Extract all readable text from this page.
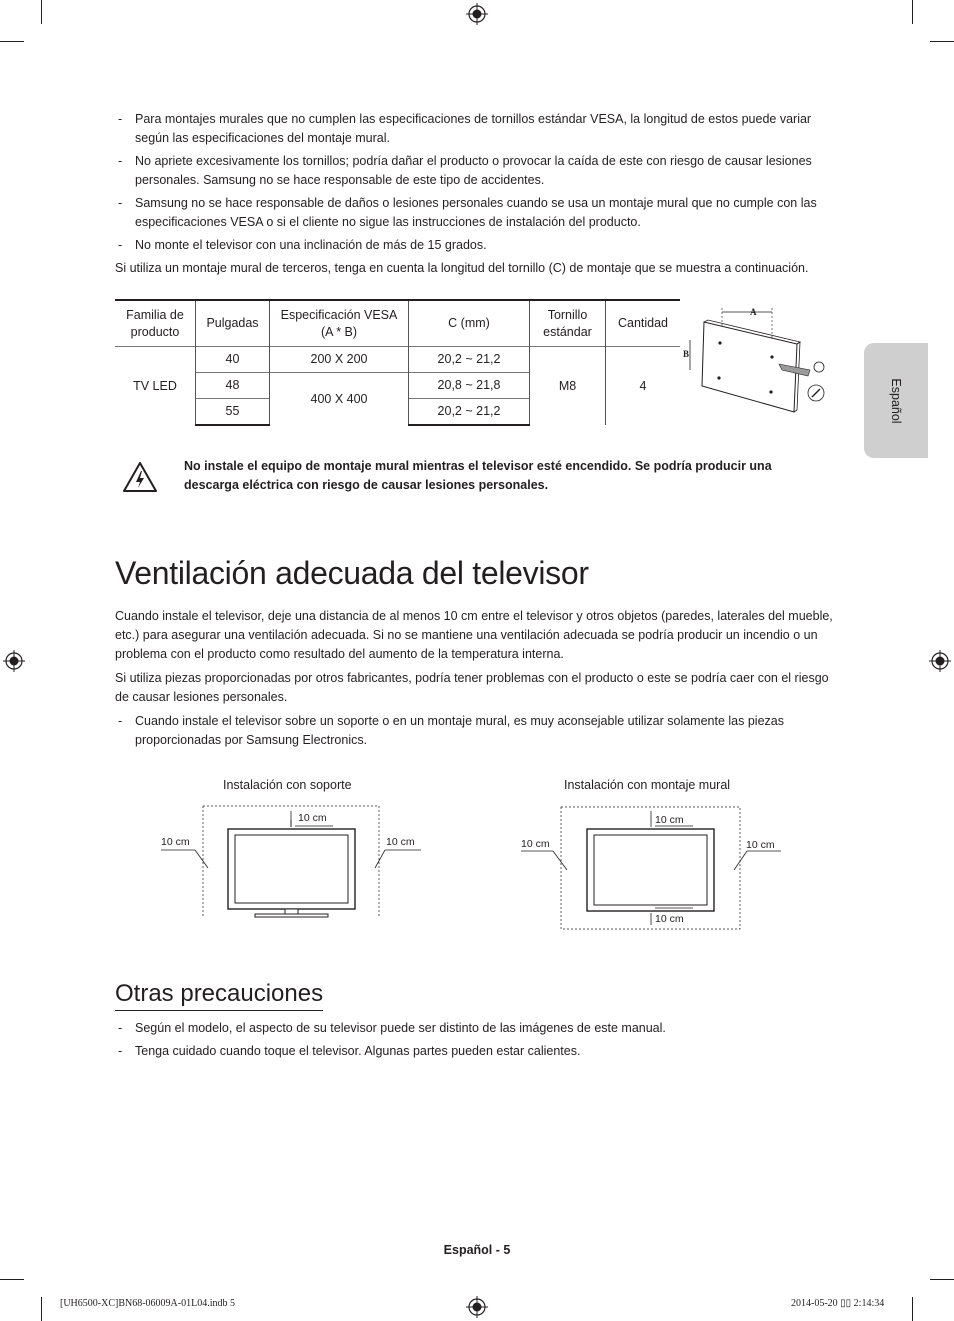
- Para montajes murales que no cumplen las especificaciones de tornillos estándar VESA, la longitud de estos puede variar según las especificaciones del montaje mural.
- No apriete excesivamente los tornillos; podría dañar el producto o provocar la caída de este con riesgo de causar lesiones personales. Samsung no se hace responsable de este tipo de accidentes.
- Samsung no se hace responsable de daños o lesiones personales cuando se usa un montaje mural que no cumple con las especificaciones VESA o si el cliente no sigue las instrucciones de instalación del producto.
- No monte el televisor con una inclinación de más de 15 grados.

Si utiliza un montaje mural de terceros, tenga en cuenta la longitud del tornillo (C) de montaje que se muestra a continuación.

Familia de producto	Pulgadas	Especificación VESA (A * B)	C (mm)	Tornillo estándar	Cantidad
TV LED	40	200 X 200	20,2 ~ 21,2	M8	4
	48	400 X 400	20,8 ~ 21,8		
	55		20,2 ~ 21,2		
A
B
No instale el equipo de montaje mural mientras el televisor esté encendido. Se podría producir una descarga eléctrica con riesgo de causar lesiones personales.
Ventilación adecuada del televisor

Cuando instale el televisor, deje una distancia de al menos 10 cm entre el televisor y otros objetos (paredes, laterales del mueble, etc.) para asegurar una ventilación adecuada. Si no se mantiene una ventilación adecuada se podría producir un incendio o un problema con el producto como resultado del aumento de la temperatura interna.

Si utiliza piezas proporcionadas por otros fabricantes, podría tener problemas con el producto o este se podría caer con el riesgo de causar lesiones personales.

- Cuando instale el televisor sobre un soporte o en un montaje mural, es muy aconsejable utilizar solamente las piezas proporcionadas por Samsung Electronics.
Instalación con soporte
10 cm
10 cm	10 cm
Instalación con montaje mural
10 cm
10 cm	10 cm
10 cm
Otras precauciones
- Según el modelo, el aspecto de su televisor puede ser distinto de las imágenes de este manual.
- Tenga cuidado cuando toque el televisor. Algunas partes pueden estar calientes.
Español
Español - 5
[UH6500-XC]BN68-06009A-01L04.indb 5	2014-05-20 ▯▯ 2:14:34
